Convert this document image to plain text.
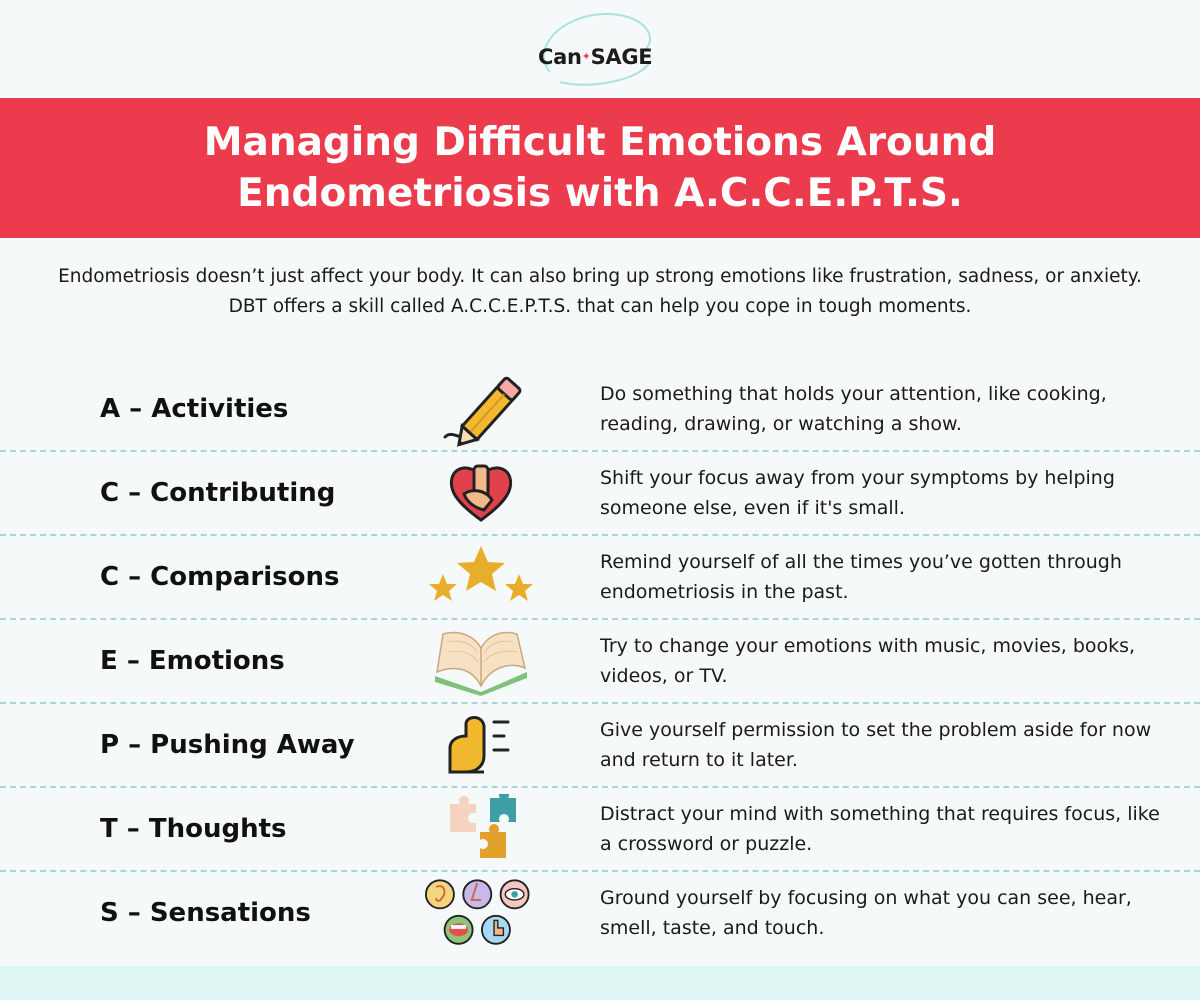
Can✦SAGE
Managing Difficult Emotions Around Endometriosis with A.C.C.E.P.T.S.
Endometriosis doesn’t just affect your body. It can also bring up strong emotions like frustration, sadness, or anxiety. DBT offers a skill called A.C.C.E.P.T.S. that can help you cope in tough moments.
A – Activities	Do something that holds your attention, like cooking, reading, drawing, or watching a show.
C – Contributing	Shift your focus away from your symptoms by helping someone else, even if it's small.
C – Comparisons	Remind yourself of all the times you’ve gotten through endometriosis in the past.
E – Emotions	Try to change your emotions with music, movies, books, videos, or TV.
P – Pushing Away	Give yourself permission to set the problem aside for now and return to it later.
T – Thoughts	Distract your mind with something that requires focus, like a crossword or puzzle.
S – Sensations	Ground yourself by focusing on what you can see, hear, smell, taste, and touch.
